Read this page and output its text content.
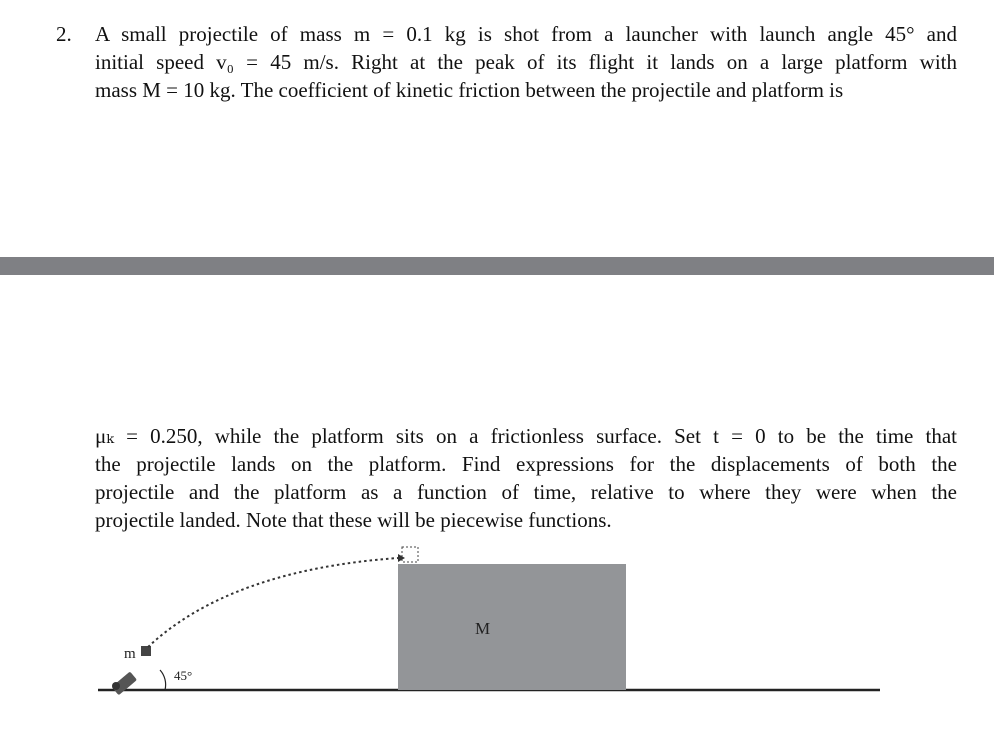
2. A small projectile of mass m = 0.1 kg is shot from a launcher with launch angle 45° and
initial speed v₀ = 45 m/s. Right at the peak of its flight it lands on a large platform with
mass M = 10 kg. The coefficient of kinetic friction between the projectile and platform is

μₖ = 0.250, while the platform sits on a frictionless surface. Set t = 0 to be the time that
the projectile lands on the platform. Find expressions for the displacements of both the
projectile and the platform as a function of time, relative to where they were when the
projectile landed. Note that these will be piecewise functions.

M
m
45°
